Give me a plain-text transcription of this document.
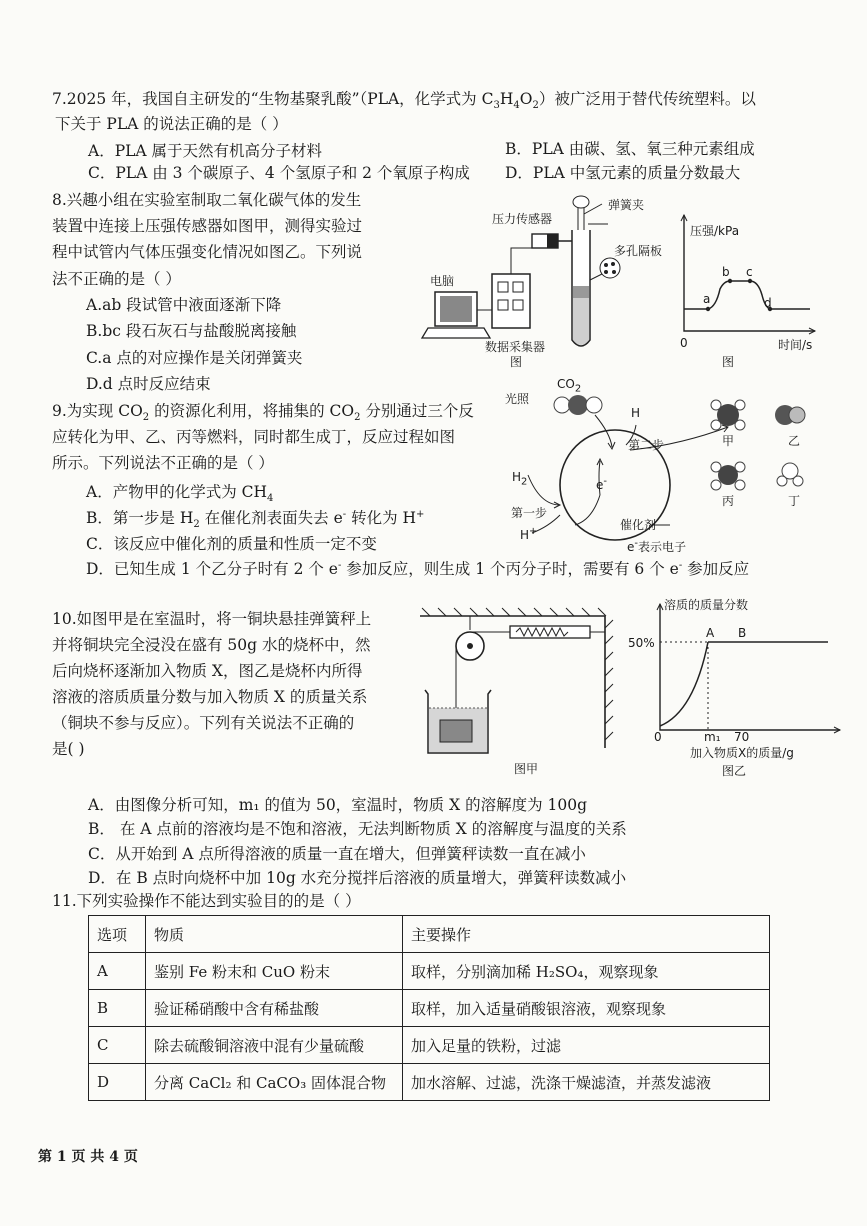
7.2025 年，我国自主研发的“生物基聚乳酸”（PLA，化学式为 $C_3H_4O_2$）被广泛用于替代传统塑料。以
下关于 PLA 的说法正确的是（ ）
A．PLA 属于天然有机高分子材料	B．PLA 由碳、氢、氧三种元素组成
C．PLA 由 3 个碳原子、4 个氢原子和 2 个氧原子构成 D．PLA 中氢元素的质量分数最大
8.兴趣小组在实验室制取二氧化碳气体的发生
装置中连接上压强传感器如图甲，测得实验过
程中试管内气体压强变化情况如图乙。下列说
法不正确的是（ ）
A.ab 段试管中液面逐渐下降
B.bc 段石灰石与盐酸脱离接触
C.a 点的对应操作是关闭弹簧夹
D.d 点时反应结束
压力传感器
弹簧夹
多孔隔板
电脑
数据采集器
图
压强/kPa
a
b c
d
0	时间/s
图
9.为实现 $CO_2$ 的资源化利用，将捕集的 $CO_2$ 分别通过三个反
应转化为甲、乙、丙等燃料，同时都生成丁，反应过程如图
所示。下列说法不正确的是（ ）
A．产物甲的化学式为 $CH_4$
B．第一步是 $H_2$ 在催化剂表面失去 e- 转化为 H+
C．该反应中催化剂的质量和性质一定不变
D．已知生成 1 个乙分子时有 2 个 e- 参加反应，则生成 1 个丙分子时，需要有 6 个 e- 参加反应
$CO_2$
光照
H
第二步
$H_2$	e-
第一步
H+	催化剂
e-表示电子
甲	乙
丙	丁
10.如图甲是在室温时，将一铜块悬挂弹簧秤上
并将铜块完全浸没在盛有 50g 水的烧杯中，然
后向烧杯逐渐加入物质 X，图乙是烧杯内所得
溶液的溶质质量分数与加入物质 X 的质量关系
（铜块不参与反应）。下列有关说法不正确的
是( )
图甲
溶质的质量分数
50%
A B
0	m₁ 70
加入物质X的质量/g
图乙
A．由图像分析可知，m₁ 的值为 50，室温时，物质 X 的溶解度为 100g
B． 在 A 点前的溶液均是不饱和溶液，无法判断物质 X 的溶解度与温度的关系
C．从开始到 A 点所得溶液的质量一直在增大，但弹簧秤读数一直在减小
D．在 B 点时向烧杯中加 10g 水充分搅拌后溶液的质量增大，弹簧秤读数减小
11.下列实验操作不能达到实验目的的是（ ）
选项	物质	主要操作
A	鉴别 Fe 粉末和 CuO 粉末	取样，分别滴加稀 H₂SO₄，观察现象
B	验证稀硝酸中含有稀盐酸	取样，加入适量硝酸银溶液，观察现象
C	除去硫酸铜溶液中混有少量硫酸	加入足量的铁粉，过滤
D	分离 CaCl₂ 和 CaCO₃ 固体混合物	加水溶解、过滤，洗涤干燥滤渣，并蒸发滤液
第 1 页 共 4 页
